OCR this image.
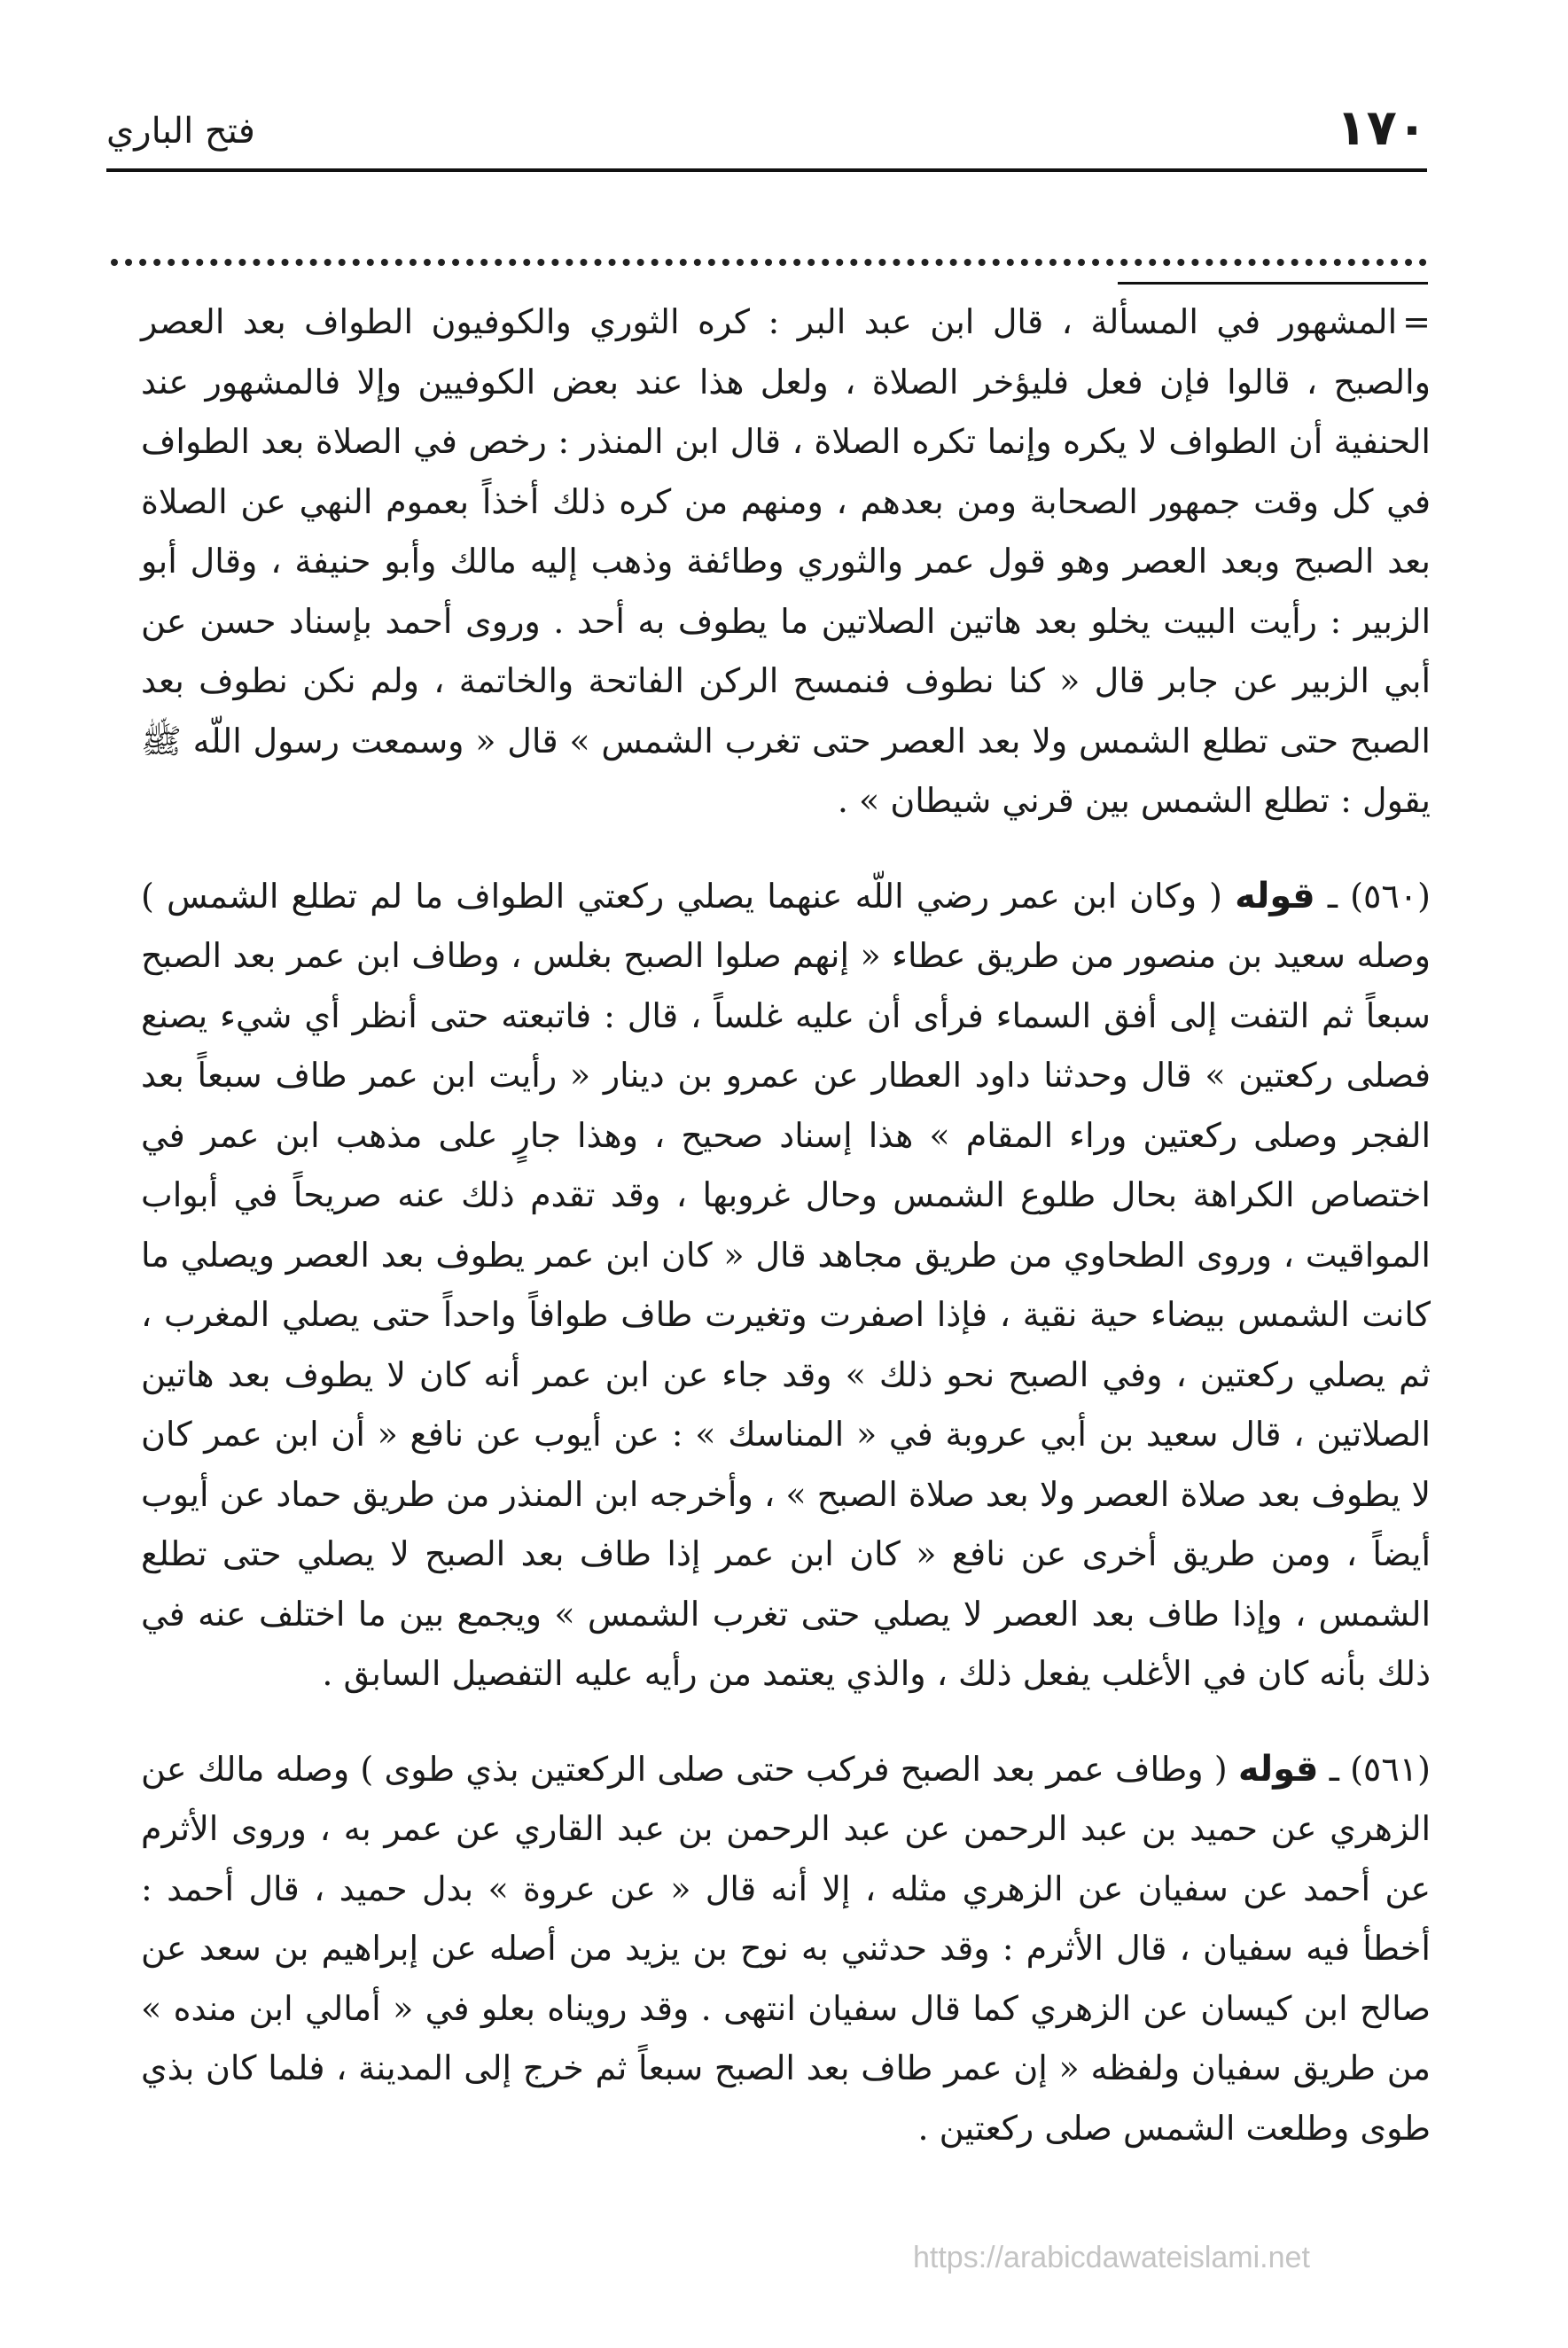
١٧٠
فتح الباري

=المشهور في المسألة ، قال ابن عبد البر : كره الثوري والكوفيون الطواف بعد العصر والصبح ، قالوا فإن فعل فليؤخر الصلاة ، ولعل هذا عند بعض الكوفيين وإلا فالمشهور عند الحنفية أن الطواف لا يكره وإنما تكره الصلاة ، قال ابن المنذر : رخص في الصلاة بعد الطواف في كل وقت جمهور الصحابة ومن بعدهم ، ومنهم من كره ذلك أخذاً بعموم النهي عن الصلاة بعد الصبح وبعد العصر وهو قول عمر والثوري وطائفة وذهب إليه مالك وأبو حنيفة ، وقال أبو الزبير : رأيت البيت يخلو بعد هاتين الصلاتين ما يطوف به أحد . وروى أحمد بإسناد حسن عن أبي الزبير عن جابر قال « كنا نطوف فنمسح الركن الفاتحة والخاتمة ، ولم نكن نطوف بعد الصبح حتى تطلع الشمس ولا بعد العصر حتى تغرب الشمس » قال « وسمعت رسول اللّه ﷺ يقول : تطلع الشمس بين قرني شيطان » .

(٥٦٠) ـ قوله ( وكان ابن عمر رضي اللّه عنهما يصلي ركعتي الطواف ما لم تطلع الشمس ) وصله سعيد بن منصور من طريق عطاء « إنهم صلوا الصبح بغلس ، وطاف ابن عمر بعد الصبح سبعاً ثم التفت إلى أفق السماء فرأى أن عليه غلساً ، قال : فاتبعته حتى أنظر أي شيء يصنع فصلى ركعتين » قال وحدثنا داود العطار عن عمرو بن دينار « رأيت ابن عمر طاف سبعاً بعد الفجر وصلى ركعتين وراء المقام » هذا إسناد صحيح ، وهذا جارٍ على مذهب ابن عمر في اختصاص الكراهة بحال طلوع الشمس وحال غروبها ، وقد تقدم ذلك عنه صريحاً في أبواب المواقيت ، وروى الطحاوي من طريق مجاهد قال « كان ابن عمر يطوف بعد العصر ويصلي ما كانت الشمس بيضاء حية نقية ، فإذا اصفرت وتغيرت طاف طوافاً واحداً حتى يصلي المغرب ، ثم يصلي ركعتين ، وفي الصبح نحو ذلك » وقد جاء عن ابن عمر أنه كان لا يطوف بعد هاتين الصلاتين ، قال سعيد بن أبي عروبة في « المناسك » : عن أيوب عن نافع « أن ابن عمر كان لا يطوف بعد صلاة العصر ولا بعد صلاة الصبح » ، وأخرجه ابن المنذر من طريق حماد عن أيوب أيضاً ، ومن طريق أخرى عن نافع « كان ابن عمر إذا طاف بعد الصبح لا يصلي حتى تطلع الشمس ، وإذا طاف بعد العصر لا يصلي حتى تغرب الشمس » ويجمع بين ما اختلف عنه في ذلك بأنه كان في الأغلب يفعل ذلك ، والذي يعتمد من رأيه عليه التفصيل السابق .

(٥٦١) ـ قوله ( وطاف عمر بعد الصبح فركب حتى صلى الركعتين بذي طوى ) وصله مالك عن الزهري عن حميد بن عبد الرحمن عن عبد الرحمن بن عبد القاري عن عمر به ، وروى الأثرم عن أحمد عن سفيان عن الزهري مثله ، إلا أنه قال « عن عروة » بدل حميد ، قال أحمد : أخطأ فيه سفيان ، قال الأثرم : وقد حدثني به نوح بن يزيد من أصله عن إبراهيم بن سعد عن صالح ابن كيسان عن الزهري كما قال سفيان انتهى . وقد رويناه بعلو في « أمالي ابن منده » من طريق سفيان ولفظه « إن عمر طاف بعد الصبح سبعاً ثم خرج إلى المدينة ، فلما كان بذي طوى وطلعت الشمس صلى ركعتين .

https://arabicdawateislami.net
